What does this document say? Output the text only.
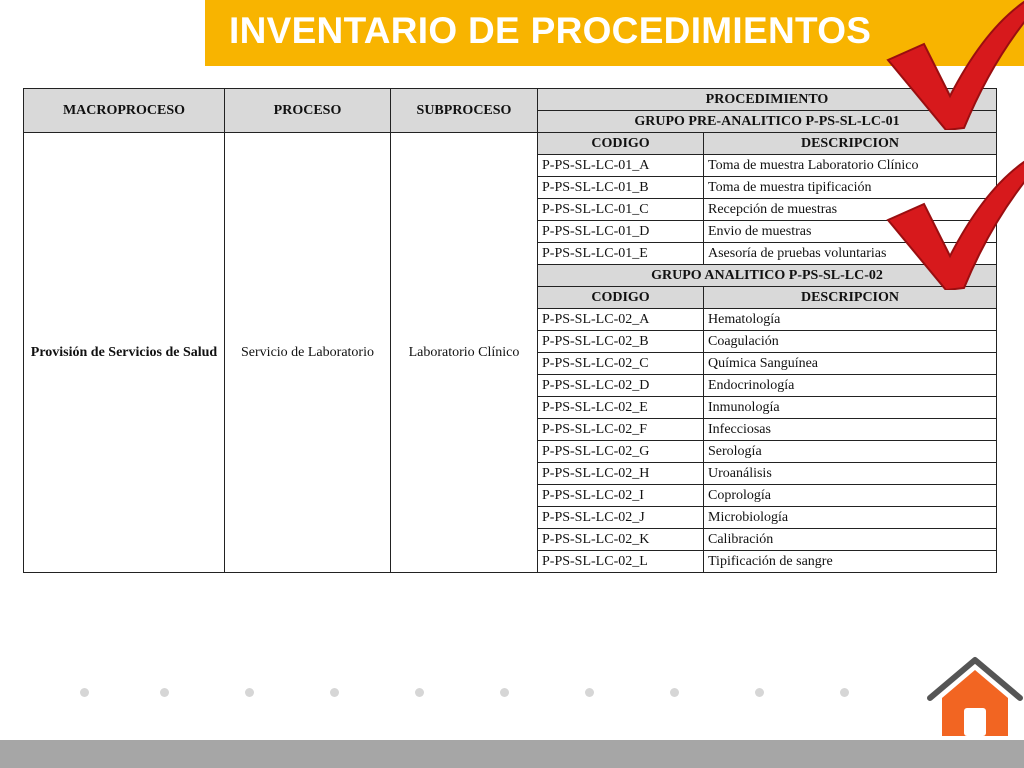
INVENTARIO DE PROCEDIMIENTOS
MACROPROCESO	PROCESO	SUBPROCESO	PROCEDIMIENTO	
			GRUPO PRE-ANALITICO P-PS-SL-LC-01	
Provisión de Servicios de Salud	Servicio de Laboratorio	Laboratorio Clínico	CODIGO	DESCRIPCION
			P-PS-SL-LC-01_A	Toma de muestra Laboratorio Clínico
			P-PS-SL-LC-01_B	Toma de muestra tipificación
			P-PS-SL-LC-01_C	Recepción de muestras
			P-PS-SL-LC-01_D	Envio de muestras
			P-PS-SL-LC-01_E	Asesoría de pruebas voluntarias
			GRUPO ANALITICO P-PS-SL-LC-02	
			CODIGO	DESCRIPCION
			P-PS-SL-LC-02_A	Hematología
			P-PS-SL-LC-02_B	Coagulación
			P-PS-SL-LC-02_C	Química Sanguínea
			P-PS-SL-LC-02_D	Endocrinología
			P-PS-SL-LC-02_E	Inmunología
			P-PS-SL-LC-02_F	Infecciosas
			P-PS-SL-LC-02_G	Serología
			P-PS-SL-LC-02_H	Uroanálisis
			P-PS-SL-LC-02_I	Coprología
			P-PS-SL-LC-02_J	Microbiología
			P-PS-SL-LC-02_K	Calibración
			P-PS-SL-LC-02_L	Tipificación de sangre
